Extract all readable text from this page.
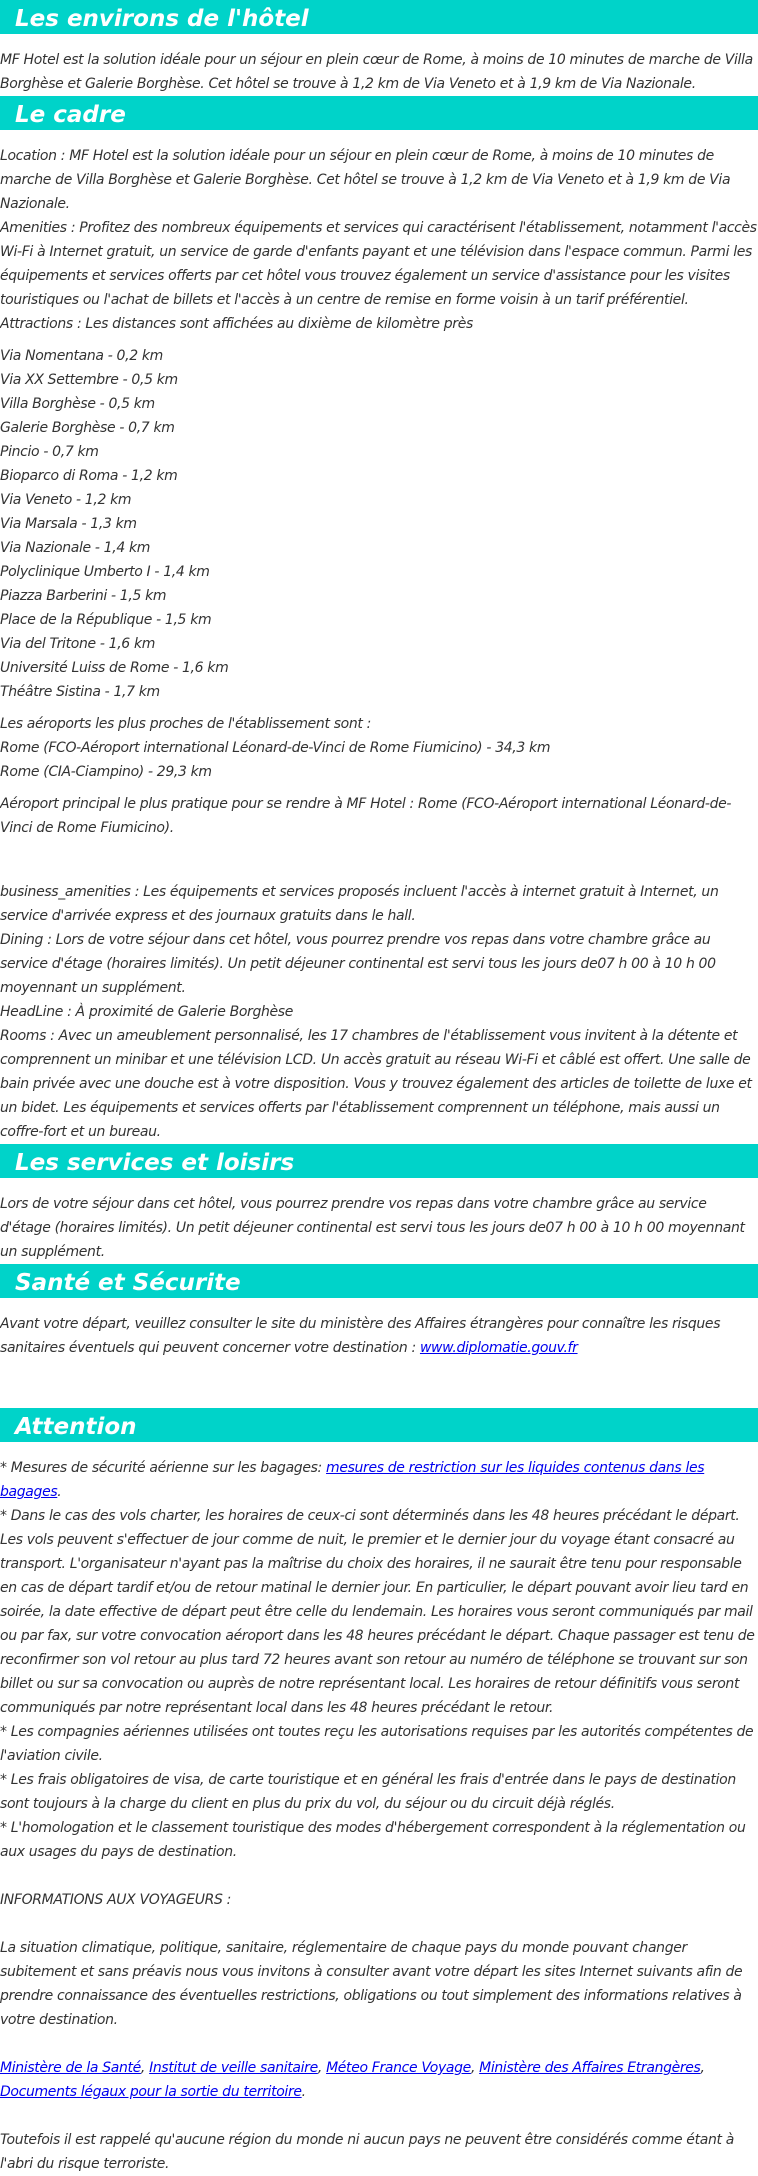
Les environs de l'hôtel

MF Hotel est la solution idéale pour un séjour en plein cœur de Rome, à moins de 10 minutes de marche de Villa Borghèse et Galerie Borghèse. Cet hôtel se trouve à 1,2 km de Via Veneto et à 1,9 km de Via Nazionale.

Le cadre

Location : MF Hotel est la solution idéale pour un séjour en plein cœur de Rome, à moins de 10 minutes de marche de Villa Borghèse et Galerie Borghèse. Cet hôtel se trouve à 1,2 km de Via Veneto et à 1,9 km de Via Nazionale.

Amenities : Profitez des nombreux équipements et services qui caractérisent l'établissement, notamment l'accès Wi-Fi à Internet gratuit, un service de garde d'enfants payant et une télévision dans l'espace commun. Parmi les équipements et services offerts par cet hôtel vous trouvez également un service d'assistance pour les visites touristiques ou l'achat de billets et l'accès à un centre de remise en forme voisin à un tarif préférentiel.

Attractions : Les distances sont affichées au dixième de kilomètre près

Via Nomentana - 0,2 km
Via XX Settembre - 0,5 km
Villa Borghèse - 0,5 km
Galerie Borghèse - 0,7 km
Pincio - 0,7 km
Bioparco di Roma - 1,2 km
Via Veneto - 1,2 km
Via Marsala - 1,3 km
Via Nazionale - 1,4 km
Polyclinique Umberto I - 1,4 km
Piazza Barberini - 1,5 km
Place de la République - 1,5 km
Via del Tritone - 1,6 km
Université Luiss de Rome - 1,6 km
Théâtre Sistina - 1,7 km

Les aéroports les plus proches de l'établissement sont :

Rome (FCO-Aéroport international Léonard-de-Vinci de Rome Fiumicino) - 34,3 km

Rome (CIA-Ciampino) - 29,3 km

Aéroport principal le plus pratique pour se rendre à MF Hotel : Rome (FCO-Aéroport international Léonard-de-Vinci de Rome Fiumicino).

business_amenities : Les équipements et services proposés incluent l'accès à internet gratuit à Internet, un service d'arrivée express et des journaux gratuits dans le hall.

Dining : Lors de votre séjour dans cet hôtel, vous pourrez prendre vos repas dans votre chambre grâce au service d'étage (horaires limités). Un petit déjeuner continental est servi tous les jours de07 h 00 à 10 h 00 moyennant un supplément.

HeadLine : À proximité de Galerie Borghèse

Rooms : Avec un ameublement personnalisé, les 17 chambres de l'établissement vous invitent à la détente et comprennent un minibar et une télévision LCD. Un accès gratuit au réseau Wi-Fi et câblé est offert. Une salle de bain privée avec une douche est à votre disposition. Vous y trouvez également des articles de toilette de luxe et un bidet. Les équipements et services offerts par l'établissement comprennent un téléphone, mais aussi un coffre-fort et un bureau.

Les services et loisirs

Lors de votre séjour dans cet hôtel, vous pourrez prendre vos repas dans votre chambre grâce au service d'étage (horaires limités). Un petit déjeuner continental est servi tous les jours de07 h 00 à 10 h 00 moyennant un supplément.

Santé et Sécurite

Avant votre départ, veuillez consulter le site du ministère des Affaires étrangères pour connaître les risques sanitaires éventuels qui peuvent concerner votre destination : www.diplomatie.gouv.fr

Attention

* Mesures de sécurité aérienne sur les bagages: mesures de restriction sur les liquides contenus dans les bagages.

* Dans le cas des vols charter, les horaires de ceux-ci sont déterminés dans les 48 heures précédant le départ. Les vols peuvent s'effectuer de jour comme de nuit, le premier et le dernier jour du voyage étant consacré au transport. L'organisateur n'ayant pas la maîtrise du choix des horaires, il ne saurait être tenu pour responsable en cas de départ tardif et/ou de retour matinal le dernier jour. En particulier, le départ pouvant avoir lieu tard en soirée, la date effective de départ peut être celle du lendemain. Les horaires vous seront communiqués par mail ou par fax, sur votre convocation aéroport dans les 48 heures précédant le départ. Chaque passager est tenu de reconfirmer son vol retour au plus tard 72 heures avant son retour au numéro de téléphone se trouvant sur son billet ou sur sa convocation ou auprès de notre représentant local. Les horaires de retour définitifs vous seront communiqués par notre représentant local dans les 48 heures précédant le retour.

* Les compagnies aériennes utilisées ont toutes reçu les autorisations requises par les autorités compétentes de l'aviation civile.

* Les frais obligatoires de visa, de carte touristique et en général les frais d'entrée dans le pays de destination sont toujours à la charge du client en plus du prix du vol, du séjour ou du circuit déjà réglés.

* L'homologation et le classement touristique des modes d'hébergement correspondent à la réglementation ou aux usages du pays de destination.

INFORMATIONS AUX VOYAGEURS :

La situation climatique, politique, sanitaire, réglementaire de chaque pays du monde pouvant changer subitement et sans préavis nous vous invitons à consulter avant votre départ les sites Internet suivants afin de prendre connaissance des éventuelles restrictions, obligations ou tout simplement des informations relatives à votre destination.

Ministère de la Santé, Institut de veille sanitaire, Méteo France Voyage, Ministère des Affaires Etrangères, Documents légaux pour la sortie du territoire.

Toutefois il est rappelé qu'aucune région du monde ni aucun pays ne peuvent être considérés comme étant à l'abri du risque terroriste.
